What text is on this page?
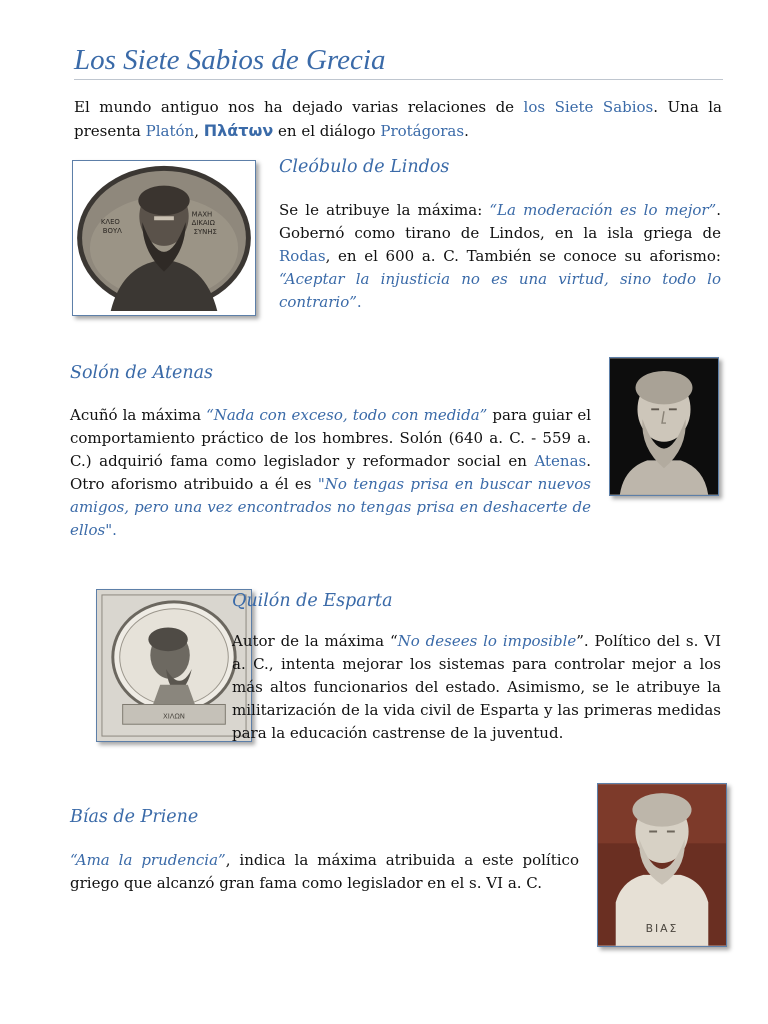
Los Siete Sabios de Grecia

El mundo antiguo nos ha dejado varias relaciones de los Siete Sabios. Una la presenta Platón, Πλάτων en el diálogo Protágoras.

ΚΛΕΟ
ΒΟΥΛ
ΜΑΧΗ
ΔΙΚΑΙΩ
ΣΥΝΗΣ
Cleóbulo de Lindos

Se le atribuye la máxima: “La moderación es lo mejor”. Gobernó como tirano de Lindos, en la isla griega de Rodas, en el 600 a. C. También se conoce su aforismo: “Aceptar la injusticia no es una virtud, sino todo lo contrario”.

Solón de Atenas

Acuñó la máxima “Nada con exceso, todo con medida” para guiar el comportamiento práctico de los hombres. Solón (640 a. C. - 559 a. C.) adquirió fama como legislador y reformador social en Atenas. Otro aforismo atribuido a él es "No tengas prisa en buscar nuevos amigos, pero una vez encontrados no tengas prisa en deshacerte de ellos".

ΧΙΛΩΝ
Quilón de Esparta

Autor de la máxima “No desees lo imposible”. Político del s. VI a. C., intenta mejorar los sistemas para controlar mejor a los más altos funcionarios del estado. Asimismo, se le atribuye la militarización de la vida civil de Esparta y las primeras medidas para la educación castrense de la juventud.

Bías de Priene

“Ama la prudencia”, indica la máxima atribuida a este político griego que alcanzó gran fama como legislador en el s. VI a. C.

ΒΙΑΣ
